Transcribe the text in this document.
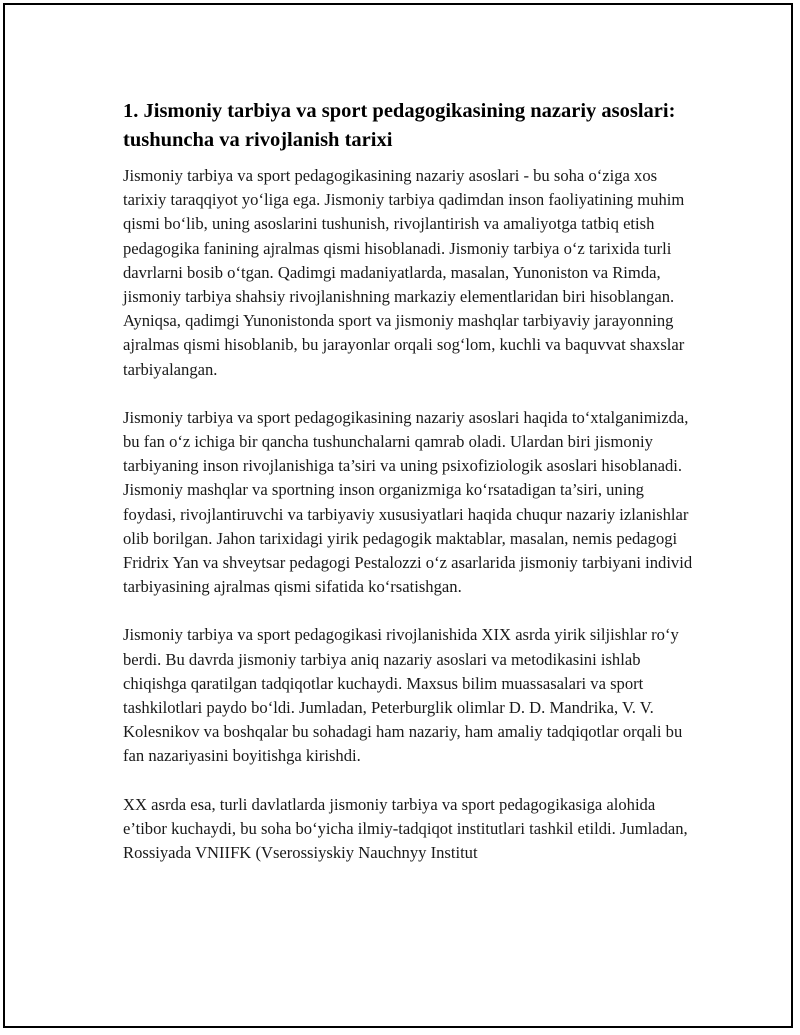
1. Jismoniy tarbiya va sport pedagogikasining nazariy asoslari: tushuncha va rivojlanish tarixi

Jismoniy tarbiya va sport pedagogikasining nazariy asoslari - bu soha o‘ziga xos tarixiy taraqqiyot yo‘liga ega. Jismoniy tarbiya qadimdan inson faoliyatining muhim qismi bo‘lib, uning asoslarini tushunish, rivojlantirish va amaliyotga tatbiq etish pedagogika fanining ajralmas qismi hisoblanadi. Jismoniy tarbiya o‘z tarixida turli davrlarni bosib o‘tgan. Qadimgi madaniyatlarda, masalan, Yunoniston va Rimda, jismoniy tarbiya shahsiy rivojlanishning markaziy elementlaridan biri hisoblangan. Ayniqsa, qadimgi Yunonistonda sport va jismoniy mashqlar tarbiyaviy jarayonning ajralmas qismi hisoblanib, bu jarayonlar orqali sog‘lom, kuchli va baquvvat shaxslar tarbiyalangan.

Jismoniy tarbiya va sport pedagogikasining nazariy asoslari haqida to‘xtalganimizda, bu fan o‘z ichiga bir qancha tushunchalarni qamrab oladi. Ulardan biri jismoniy tarbiyaning inson rivojlanishiga ta’siri va uning psixofiziologik asoslari hisoblanadi. Jismoniy mashqlar va sportning inson organizmiga ko‘rsatadigan ta’siri, uning foydasi, rivojlantiruvchi va tarbiyaviy xususiyatlari haqida chuqur nazariy izlanishlar olib borilgan. Jahon tarixidagi yirik pedagogik maktablar, masalan, nemis pedagogi Fridrix Yan va shveytsar pedagogi Pestalozzi o‘z asarlarida jismoniy tarbiyani individ tarbiyasining ajralmas qismi sifatida ko‘rsatishgan.

Jismoniy tarbiya va sport pedagogikasi rivojlanishida XIX asrda yirik siljishlar ro‘y berdi. Bu davrda jismoniy tarbiya aniq nazariy asoslari va metodikasini ishlab chiqishga qaratilgan tadqiqotlar kuchaydi. Maxsus bilim muassasalari va sport tashkilotlari paydo bo‘ldi. Jumladan, Peterburglik olimlar D. D. Mandrika, V. V. Kolesnikov va boshqalar bu sohadagi ham nazariy, ham amaliy tadqiqotlar orqali bu fan nazariyasini boyitishga kirishdi.

XX asrda esa, turli davlatlarda jismoniy tarbiya va sport pedagogikasiga alohida e’tibor kuchaydi, bu soha bo‘yicha ilmiy-tadqiqot institutlari tashkil etildi. Jumladan, Rossiyada VNIIFK (Vserossiyskiy Nauchnyy Institut
